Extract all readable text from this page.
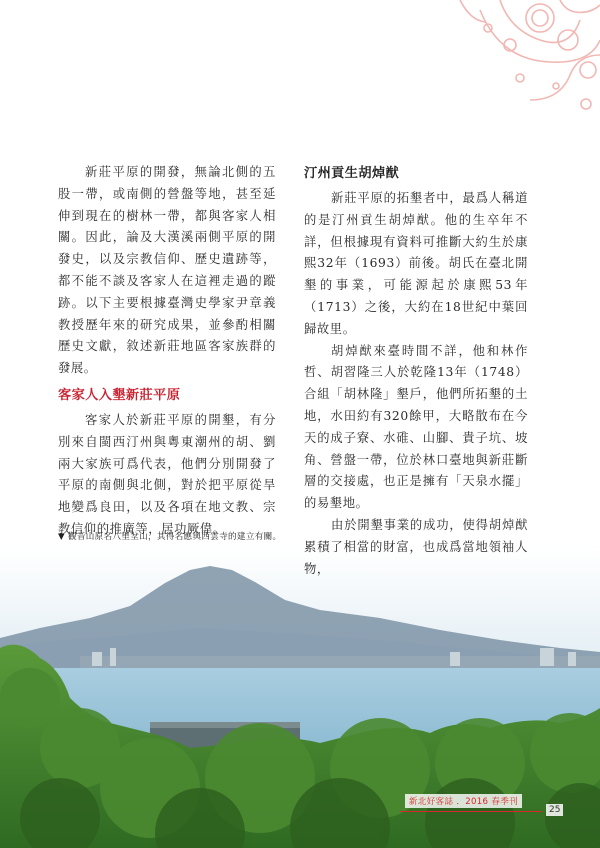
新莊平原的開發，無論北側的五股一帶，或南側的營盤等地，甚至延伸到現在的樹林一帶，都與客家人相關。因此，論及大漢溪兩側平原的開發史，以及宗教信仰、歷史遺跡等，都不能不談及客家人在這裡走過的蹤跡。以下主要根據臺灣史學家尹章義教授歷年來的研究成果，並參酌相關歷史文獻，敘述新莊地區客家族群的發展。

客家人入墾新莊平原

客家人於新莊平原的開墾，有分別來自閩西汀州與粵東潮州的胡、劉兩大家族可爲代表，他們分別開發了平原的南側與北側，對於把平原從旱地變爲良田，以及各項在地文教、宗教信仰的推廣等，居功厥偉。

汀州貢生胡焯猷

新莊平原的拓墾者中，最爲人稱道的是汀州貢生胡焯猷。他的生卒年不詳，但根據現有資料可推斷大約生於康熙32年（1693）前後。胡氏在臺北開墾的事業，可能源起於康熙53年（1713）之後，大約在18世紀中葉回歸故里。

胡焯猷來臺時間不詳，他和林作哲、胡習隆三人於乾隆13年（1748）合組「胡林隆」墾戶，他們所拓墾的土地，水田約有320餘甲，大略散布在今天的成子寮、水碓、山腳、貴子坑、坡角、營盤一帶，位於林口臺地與新莊斷層的交接處，也正是擁有「天泉水擺」的易墾地。

由於開墾事業的成功，使得胡焯猷累積了相當的財富，也成爲當地領袖人物，

▼ 觀音山原名八里坌山，其得名應與西雲寺的建立有關。
新北好客誌 ．2016 春季刊
25
